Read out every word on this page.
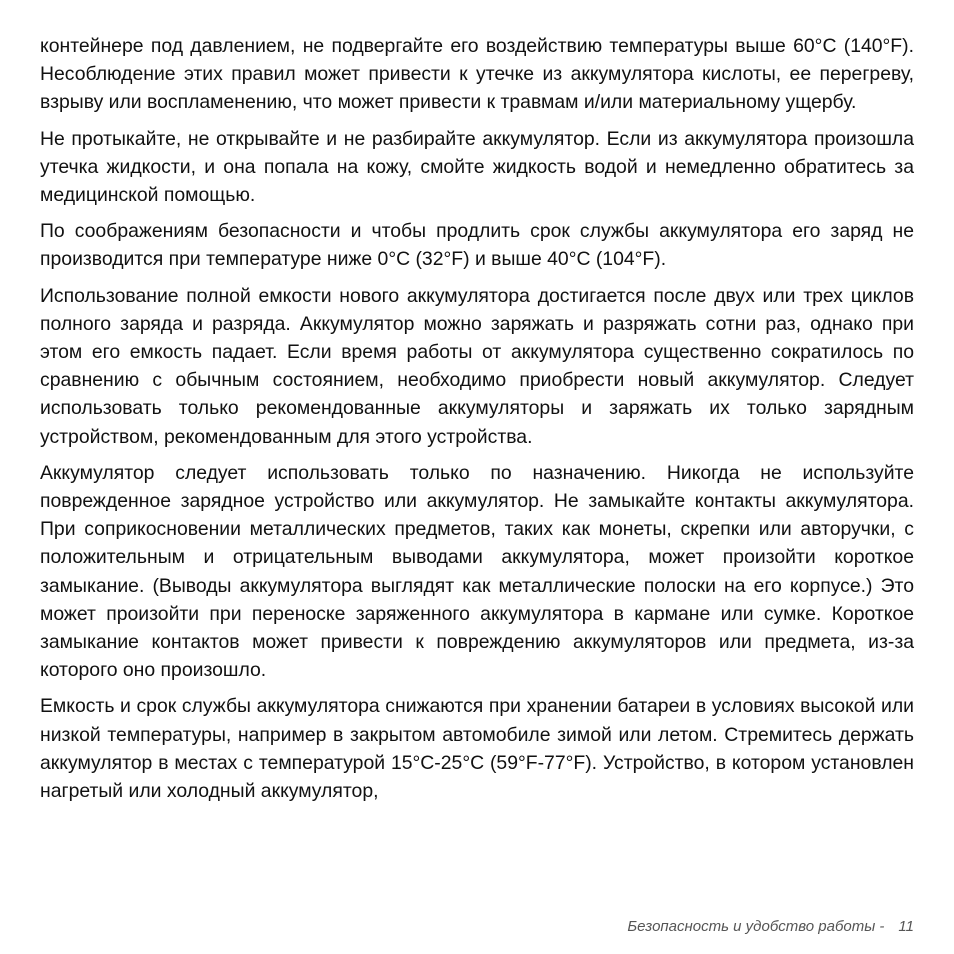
контейнере под давлением, не подвергайте его воздействию температуры выше 60°C (140°F). Несоблюдение этих правил может привести к утечке из аккумулятора кислоты, ее перегреву, взрыву или воспламенению, что может привести к травмам и/или материальному ущербу.

Не протыкайте, не открывайте и не разбирайте аккумулятор. Если из аккумулятора произошла утечка жидкости, и она попала на кожу, смойте жидкость водой и немедленно обратитесь за медицинской помощью.

По соображениям безопасности и чтобы продлить срок службы аккумулятора его заряд не производится при температуре ниже 0°C (32°F) и выше 40°C (104°F).

Использование полной емкости нового аккумулятора достигается после двух или трех циклов полного заряда и разряда. Аккумулятор можно заряжать и разряжать сотни раз, однако при этом его емкость падает. Если время работы от аккумулятора существенно сократилось по сравнению с обычным состоянием, необходимо приобрести новый аккумулятор. Следует использовать только рекомендованные аккумуляторы и заряжать их только зарядным устройством, рекомендованным для этого устройства.

Аккумулятор следует использовать только по назначению. Никогда не используйте поврежденное зарядное устройство или аккумулятор. Не замыкайте контакты аккумулятора. При соприкосновении металлических предметов, таких как монеты, скрепки или авторучки, с положительным и отрицательным выводами аккумулятора, может произойти короткое замыкание. (Выводы аккумулятора выглядят как металлические полоски на его корпусе.) Это может произойти при переноске заряженного аккумулятора в кармане или сумке. Короткое замыкание контактов может привести к повреждению аккумуляторов или предмета, из-за которого оно произошло.

Емкость и срок службы аккумулятора снижаются при хранении батареи в условиях высокой или низкой температуры, например в закрытом автомобиле зимой или летом. Стремитесь держать аккумулятор в местах с температурой 15°C-25°C (59°F-77°F). Устройство, в котором установлен нагретый или холодный аккумулятор,

Безопасность и удобство работы - 11
